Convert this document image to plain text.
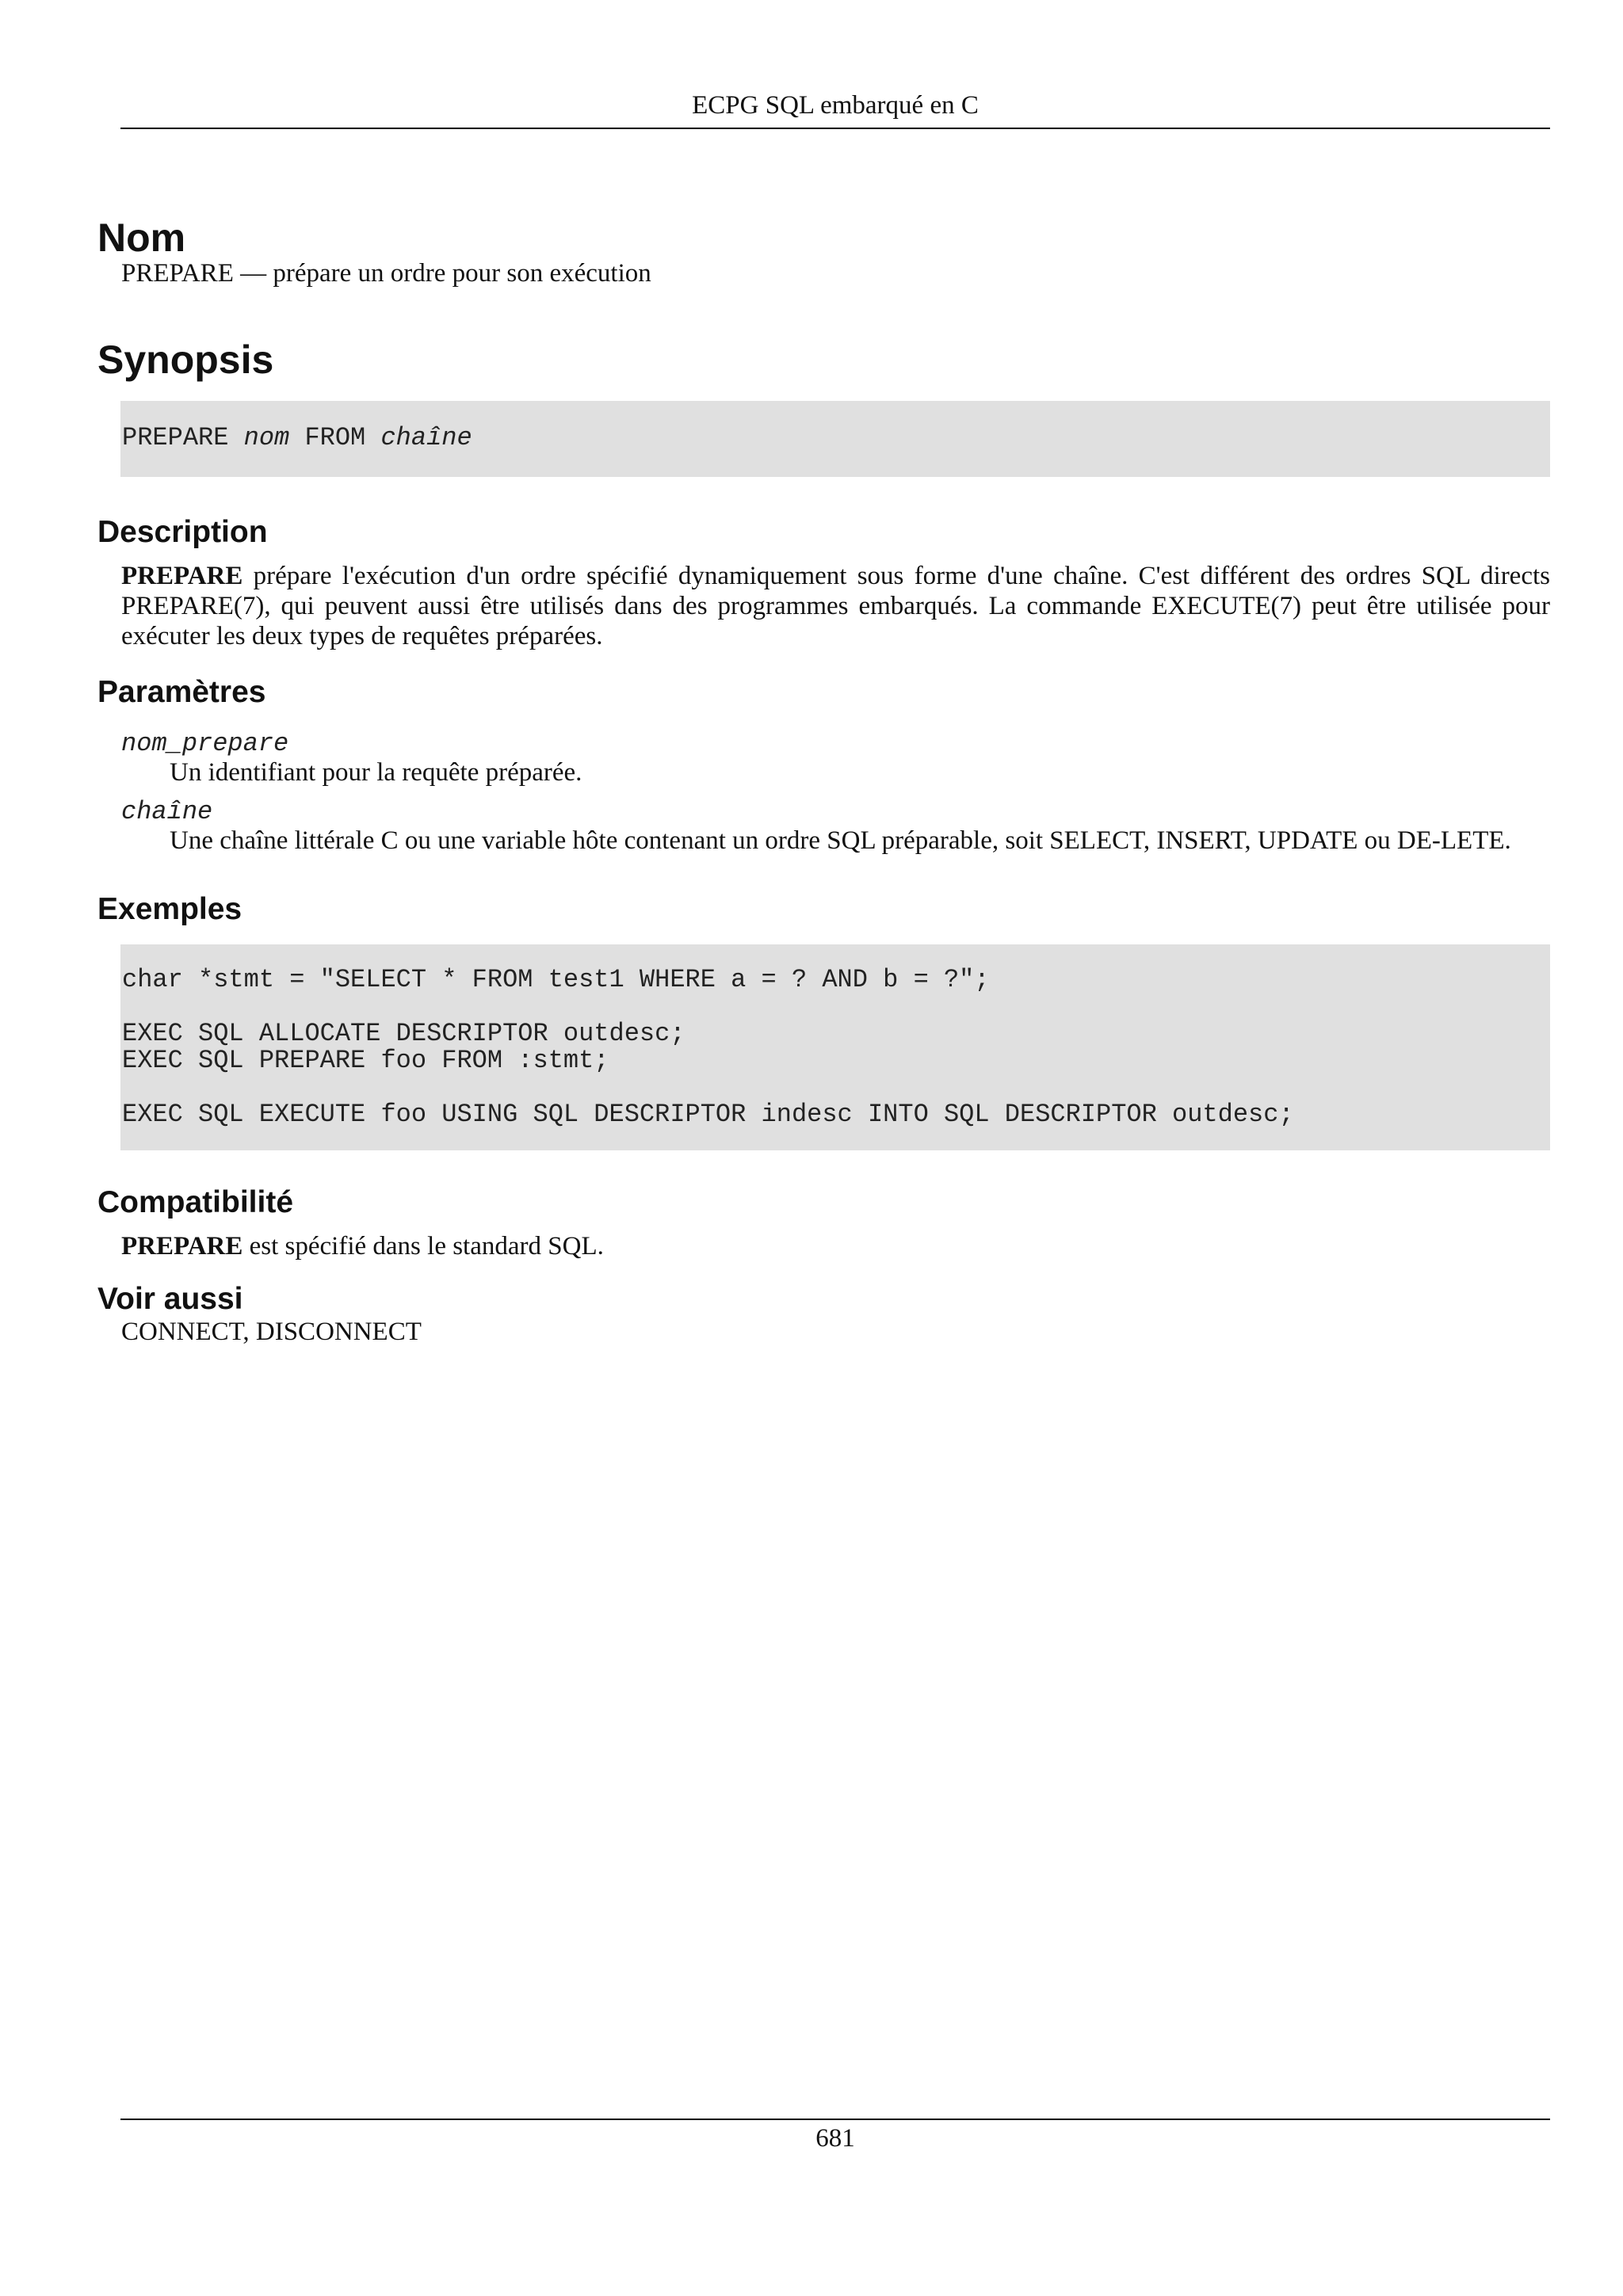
ECPG SQL embarqué en C
Nom

PREPARE — prépare un ordre pour son exécution

Synopsis
PREPARE nom FROM chaîne
Description

PREPARE prépare l'exécution d'un ordre spécifié dynamiquement sous forme d'une chaîne. C'est différent des ordres SQL directs PREPARE(7), qui peuvent aussi être utilisés dans des programmes embarqués. La commande EXECUTE(7) peut être utilisée pour exécuter les deux types de requêtes préparées.

Paramètres
nom_prepare
Un identifiant pour la requête préparée.
chaîne
Une chaîne littérale C ou une variable hôte contenant un ordre SQL préparable, soit SELECT, INSERT, UPDATE ou DE-LETE.
Exemples
char *stmt = "SELECT * FROM test1 WHERE a = ? AND b = ?";
EXEC SQL ALLOCATE DESCRIPTOR outdesc;
EXEC SQL PREPARE foo FROM :stmt;
EXEC SQL EXECUTE foo USING SQL DESCRIPTOR indesc INTO SQL DESCRIPTOR outdesc;
Compatibilité

PREPARE est spécifié dans le standard SQL.

Voir aussi

CONNECT, DISCONNECT

681
